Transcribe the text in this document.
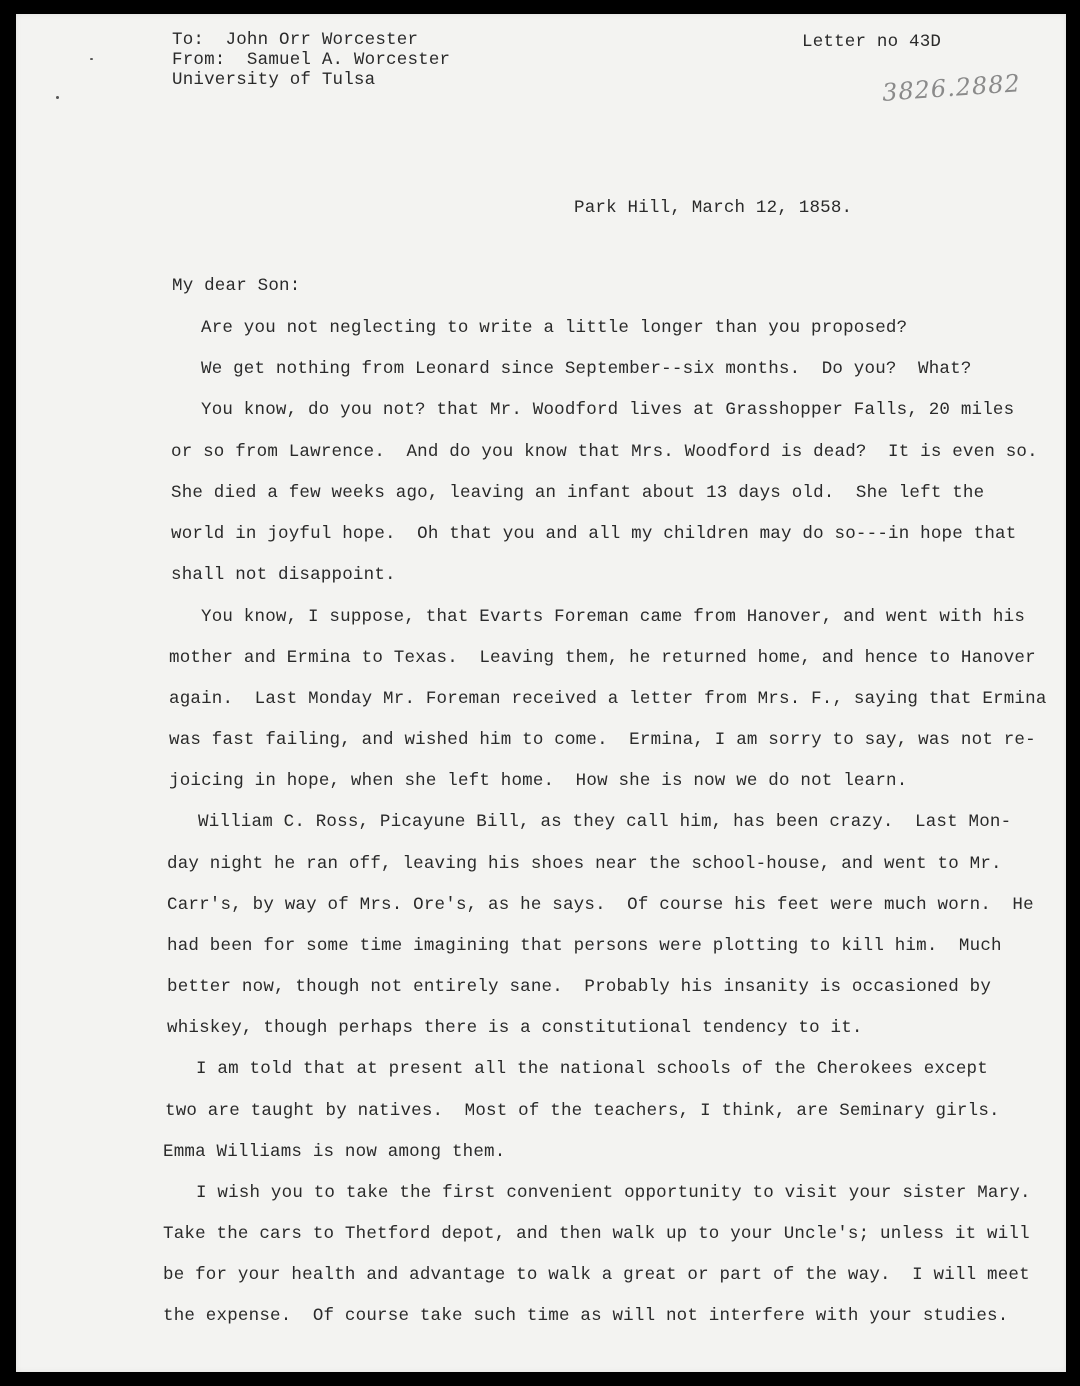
To:  John Orr Worcester
From:  Samuel A. Worcester
University of Tulsa
Letter no 43D
3826.2882
Park Hill, March 12, 1858.
My dear Son:

Are you not neglecting to write a little longer than you proposed?

We get nothing from Leonard since September--six months.  Do you?  What?

You know, do you not? that Mr. Woodford lives at Grasshopper Falls, 20 miles

or so from Lawrence.  And do you know that Mrs. Woodford is dead?  It is even so.

She died a few weeks ago, leaving an infant about 13 days old.  She left the

world in joyful hope.  Oh that you and all my children may do so---in hope that

shall not disappoint.

You know, I suppose, that Evarts Foreman came from Hanover, and went with his

mother and Ermina to Texas.  Leaving them, he returned home, and hence to Hanover

again.  Last Monday Mr. Foreman received a letter from Mrs. F., saying that Ermina

was fast failing, and wished him to come.  Ermina, I am sorry to say, was not re-

joicing in hope, when she left home.  How she is now we do not learn.

William C. Ross, Picayune Bill, as they call him, has been crazy.  Last Mon-

day night he ran off, leaving his shoes near the school-house, and went to Mr.

Carr's, by way of Mrs. Ore's, as he says.  Of course his feet were much worn.  He

had been for some time imagining that persons were plotting to kill him.  Much

better now, though not entirely sane.  Probably his insanity is occasioned by

whiskey, though perhaps there is a constitutional tendency to it.

I am told that at present all the national schools of the Cherokees except

two are taught by natives.  Most of the teachers, I think, are Seminary girls.

Emma Williams is now among them.

I wish you to take the first convenient opportunity to visit your sister Mary.

Take the cars to Thetford depot, and then walk up to your Uncle's; unless it will

be for your health and advantage to walk a great or part of the way.  I will meet

the expense.  Of course take such time as will not interfere with your studies.
